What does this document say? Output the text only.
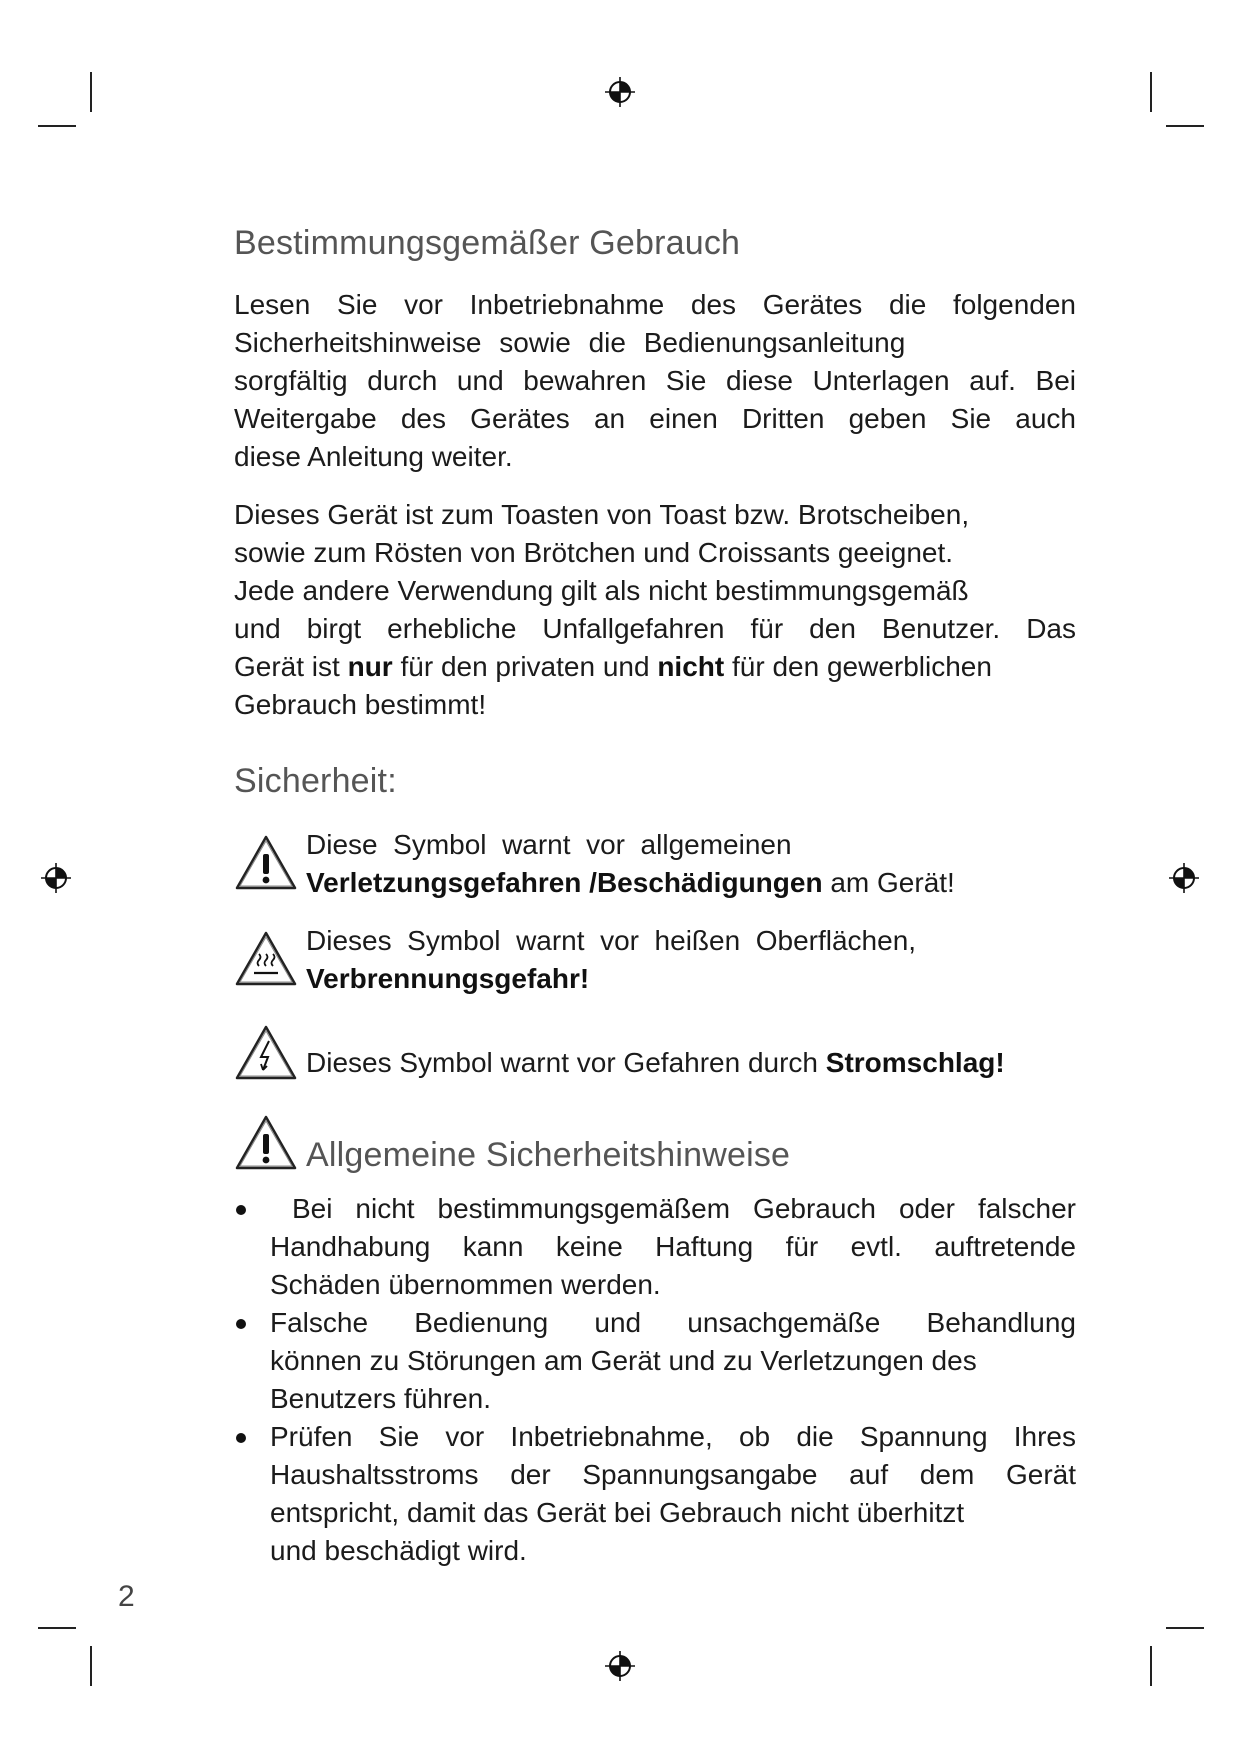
Bestimmungsgemäßer Gebrauch

Lesen Sie vor Inbetriebnahme des Gerätes die folgenden
Sicherheitshinweise sowie die Bedienungsanleitung
sorgfältig durch und bewahren Sie diese Unterlagen auf. Bei
Weitergabe des Gerätes an einen Dritten geben Sie auch
diese Anleitung weiter.

Dieses Gerät ist zum Toasten von Toast bzw. Brotscheiben,
sowie zum Rösten von Brötchen und Croissants geeignet.
Jede andere Verwendung gilt als nicht bestimmungsgemäß
und birgt erhebliche Unfallgefahren für den Benutzer. Das
Gerät ist nur für den privaten und nicht für den gewerblichen
Gebrauch bestimmt!

Sicherheit:
Diese  Symbol  warnt  vor  allgemeinen
Verletzungsgefahren /Beschädigungen am Gerät!
Dieses  Symbol  warnt  vor  heißen  Oberflächen,
Verbrennungsgefahr!
Dieses Symbol warnt vor Gefahren durch Stromschlag!
Allgemeine Sicherheitshinweise
Bei nicht bestimmungsgemäßem Gebrauch oder falscher
Handhabung kann keine Haftung für evtl. auftretende
Schäden übernommen werden.
Falsche Bedienung und unsachgemäße Behandlung
können zu Störungen am Gerät und zu Verletzungen des
Benutzers führen.
Prüfen Sie vor Inbetriebnahme, ob die Spannung Ihres
Haushaltsstroms der Spannungsangabe auf dem Gerät
entspricht, damit das Gerät bei Gebrauch nicht überhitzt
und beschädigt wird.
2
